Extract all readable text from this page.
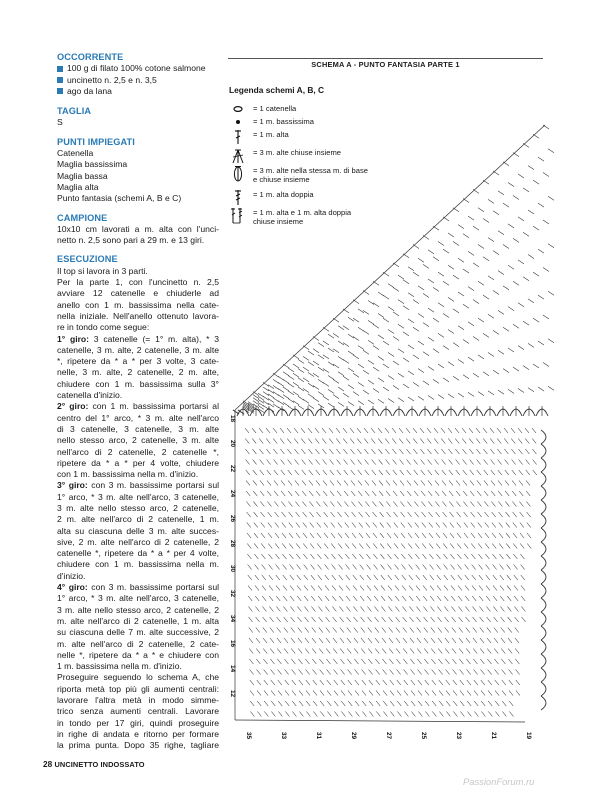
OCCORRENTE
100 g di filato 100% cotone salmone
uncinetto n. 2,5 e n. 3,5
ago da lana
TAGLIA
S
PUNTI IMPIEGATI
Catenella
Maglia bassissima
Maglia bassa
Maglia alta
Punto fantasia (schemi A, B e C)
CAMPIONE
10x10 cm lavorati a m. alta con l'unci-
netto n. 2,5 sono pari a 29 m. e 13 giri.
ESECUZIONE
Il top si lavora in 3 parti.
Per la parte 1, con l'uncinetto n. 2,5
avviare 12 catenelle e chiuderle ad
anello con 1 m. bassissima nella cate-
nella iniziale. Nell'anello ottenuto lavora-
re in tondo come segue:
1° giro: 3 catenelle (= 1° m. alta), * 3
catenelle, 3 m. alte, 2 catenelle, 3 m. alte
*, ripetere da * a * per 3 volte, 3 cate-
nelle, 3 m. alte, 2 catenelle, 2 m. alte,
chiudere con 1 m. bassissima sulla 3°
catenella d'inizio.
2° giro: con 1 m. bassissima portarsi al
centro del 1° arco, * 3 m. alte nell'arco
di 3 catenelle, 3 catenelle, 3 m. alte
nello stesso arco, 2 catenelle, 3 m. alte
nell'arco di 2 catenelle, 2 catenelle *,
ripetere da * a * per 4 volte, chiudere
con 1 m. bassissima nella m. d'inizio.
3° giro: con 3 m. bassissime portarsi sul
1° arco, * 3 m. alte nell'arco, 3 catenelle,
3 m. alte nello stesso arco, 2 catenelle,
2 m. alte nell'arco di 2 catenelle, 1 m.
alta su ciascuna delle 3 m. alte succes-
sive, 2 m. alte nell'arco di 2 catenelle, 2
catenelle *, ripetere da * a * per 4 volte,
chiudere con 1 m. bassissima nella m.
d'inizio.
4° giro: con 3 m. bassissime portarsi sul
1° arco, * 3 m. alte nell'arco, 3 catenelle,
3 m. alte nello stesso arco, 2 catenelle, 2
m. alte nell'arco di 2 catenelle, 1 m. alta
su ciascuna delle 7 m. alte successive, 2
m. alte nell'arco di 2 catenelle, 2 cate-
nelle *, ripetere da * a * e chiudere con
1 m. bassissima nella m. d'inizio.
Proseguire seguendo lo schema A, che
riporta metà top più gli aumenti centrali:
lavorare l'altra metà in modo simme-
trico senza aumenti centrali. Lavorare
in tondo per 17 giri, quindi proseguire
in righe di andata e ritorno per formare
la prima punta. Dopo 35 righe, tagliare
SCHEMA A - PUNTO FANTASIA PARTE 1
Legenda schemi A, B, C
= 1 catenella
= 1 m. bassissima
= 1 m. alta
= 3 m. alte chiuse insieme
= 3 m. alte nella stessa m. di base
e chiuse insieme
= 1 m. alta doppia
= 1 m. alta e 1 m. alta doppia
chiuse insieme
18
20
22
24
26
28
30
32
34
16
14
12
35	33	31	29	27	25	23	21	19
28 UNCINETTO INDOSSATO
PassionForum.ru
